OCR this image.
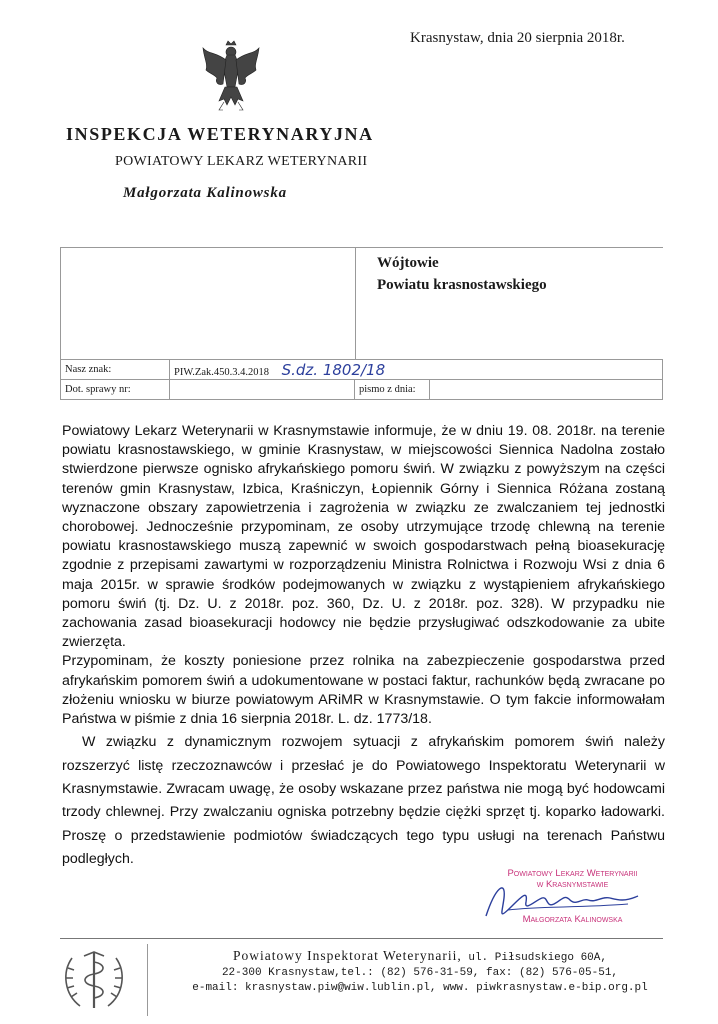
Krasnystaw, dnia 20 sierpnia 2018r.
INSPEKCJA WETERYNARYJNA
POWIATOWY LEKARZ WETERYNARII
Małgorzata Kalinowska
Wójtowie
Powiatu krasnostawskiego
Nasz znak:	PIW.Zak.450.3.4.2018 S.dz. 1802/18		
Dot. sprawy nr:		pismo z dnia:	

Powiatowy Lekarz Weterynarii w Krasnymstawie informuje, że w dniu 19. 08. 2018r. na terenie powiatu krasnostawskiego, w gminie Krasnystaw, w miejscowości Siennica Nadolna zostało stwierdzone pierwsze ognisko afrykańskiego pomoru świń. W związku z powyższym na części terenów gmin Krasnystaw, Izbica, Kraśniczyn, Łopiennik Górny i Siennica Różana zostaną wyznaczone obszary zapowietrzenia i zagrożenia w związku ze zwalczaniem tej jednostki chorobowej. Jednocześnie przypominam, ze osoby utrzymujące trzodę chlewną na terenie powiatu krasnostawskiego muszą zapewnić w swoich gospodarstwach pełną bioasekurację zgodnie z przepisami zawartymi w rozporządzeniu Ministra Rolnictwa i Rozwoju Wsi z dnia 6 maja 2015r. w sprawie środków podejmowanych w związku z wystąpieniem afrykańskiego pomoru świń (tj. Dz. U. z 2018r. poz. 360, Dz. U. z 2018r. poz. 328). W przypadku nie zachowania zasad bioasekuracji hodowcy nie będzie przysługiwać odszkodowanie za ubite zwierzęta.

Przypominam, że koszty poniesione przez rolnika na zabezpieczenie gospodarstwa przed afrykańskim pomorem świń a udokumentowane w postaci faktur, rachunków będą zwracane po złożeniu wniosku w biurze powiatowym ARiMR w Krasnymstawie. O tym fakcie informowałam Państwa w piśmie z dnia 16 sierpnia 2018r. L. dz. 1773/18.

W związku z dynamicznym rozwojem sytuacji z afrykańskim pomorem świń należy rozszerzyć listę rzeczoznawców i przesłać je do Powiatowego Inspektoratu Weterynarii w Krasnymstawie. Zwracam uwagę, że osoby wskazane przez państwa nie mogą być hodowcami trzody chlewnej. Przy zwalczaniu ogniska potrzebny będzie ciężki sprzęt tj. koparko ładowarki. Proszę o przedstawienie podmiotów świadczących tego typu usługi na terenach Państwu podległych.

Powiatowy Lekarz Weterynarii
w Krasnymstawie
Małgorzata Kalinowska
Powiatowy Inspektorat Weterynarii, ul. Piłsudskiego 60A,
22-300 Krasnystaw,tel.: (82) 576-31-59, fax: (82) 576-05-51,
e-mail: krasnystaw.piw@wiw.lublin.pl, www. piwkrasnystaw.e-bip.org.pl
